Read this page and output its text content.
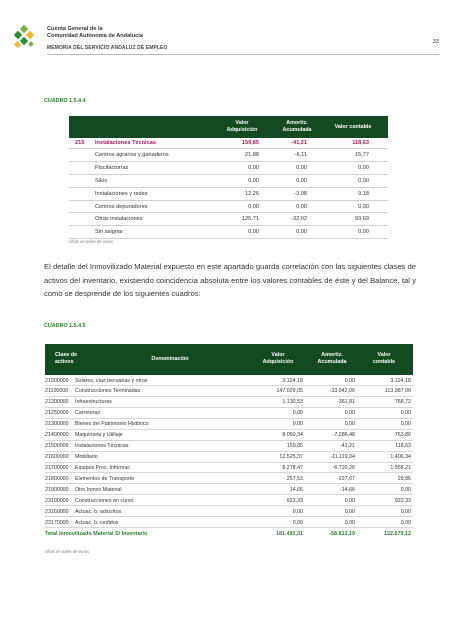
Cuenta General de la
Comunidad Autónoma de Andalucía
33
MEMORIA DEL SERVICIO ANDALUZ DE EMPLEO
CUADRO 1.5.4.4
Valor
Adquisición
Amortiz.
Acumulada	Valor contable
215 Instalaciones Técnicas	159,85	-41,21	118,63
Centros agrarios y ganaderos	21,88	-6,11	15,77
Piscifactorías	0,00	0,00	0,00
Silos	0,00	0,00	0,00
Instalaciones y redes	12,26	-3,08	9,18
Centros depuradores	0,00	0,00	0,00
Otras instalaciones	125,71	-32,02	93,69
Sin asignar	0,00	0,00	0,00
cifras en miles de euros
El detalle del Inmovilizado Material expuesto en este apartado guarda correlación con las siguientes clases de activos del inventario, existiendo coincidencia absoluta entre los valores contables de éste y del Balance, tal y como se desprende de los siguientes cuadros:
CUADRO 1.5.4.5
Clase de
activos	Denominación
Valor
Adquisición
Amortiz.
Acumulada
Valor
contable
21000000 Solares, vías pecuarias y otros	3.124,18	0,00	3.124,18
21100000 Construcciones Terminadas	147.029,05	-33.042,06	113.987,00
21200000 Infraestructuras	1.130,53	-361,81	768,72
21250000 Carreteras	0,00	0,00	0,00
21300000 Bienes del Patrimonio Histórico	0,00	0,00	0,00
21400000 Maquinaria y Utillaje	8.050,34	-7.286,48	763,86
21500000 Instalaciones Técnicas	159,85	-41,21	118,63
21600000 Mobiliario	12.525,37	-11.119,04	1.406,34
21700000 Equipos Proc. Informac	8.278,47	-6.720,26	1.558,21
21800000 Elementos de Transporte	257,53	-227,67	29,86
21900000 Otro Inmov Material	14,66	-14,66	0,00
23100000 Construcciones en curso	922,33	0,00	922,33
23160000 Actuac. b. adscritos	0,00	0,00	0,00
23170000 Actuac. b. cedidos	0,00	0,00	0,00
Total Inmovilizado Material S/ Inventario	181.492,31	-58.813,19	122.679,12
cifras en miles de euros
